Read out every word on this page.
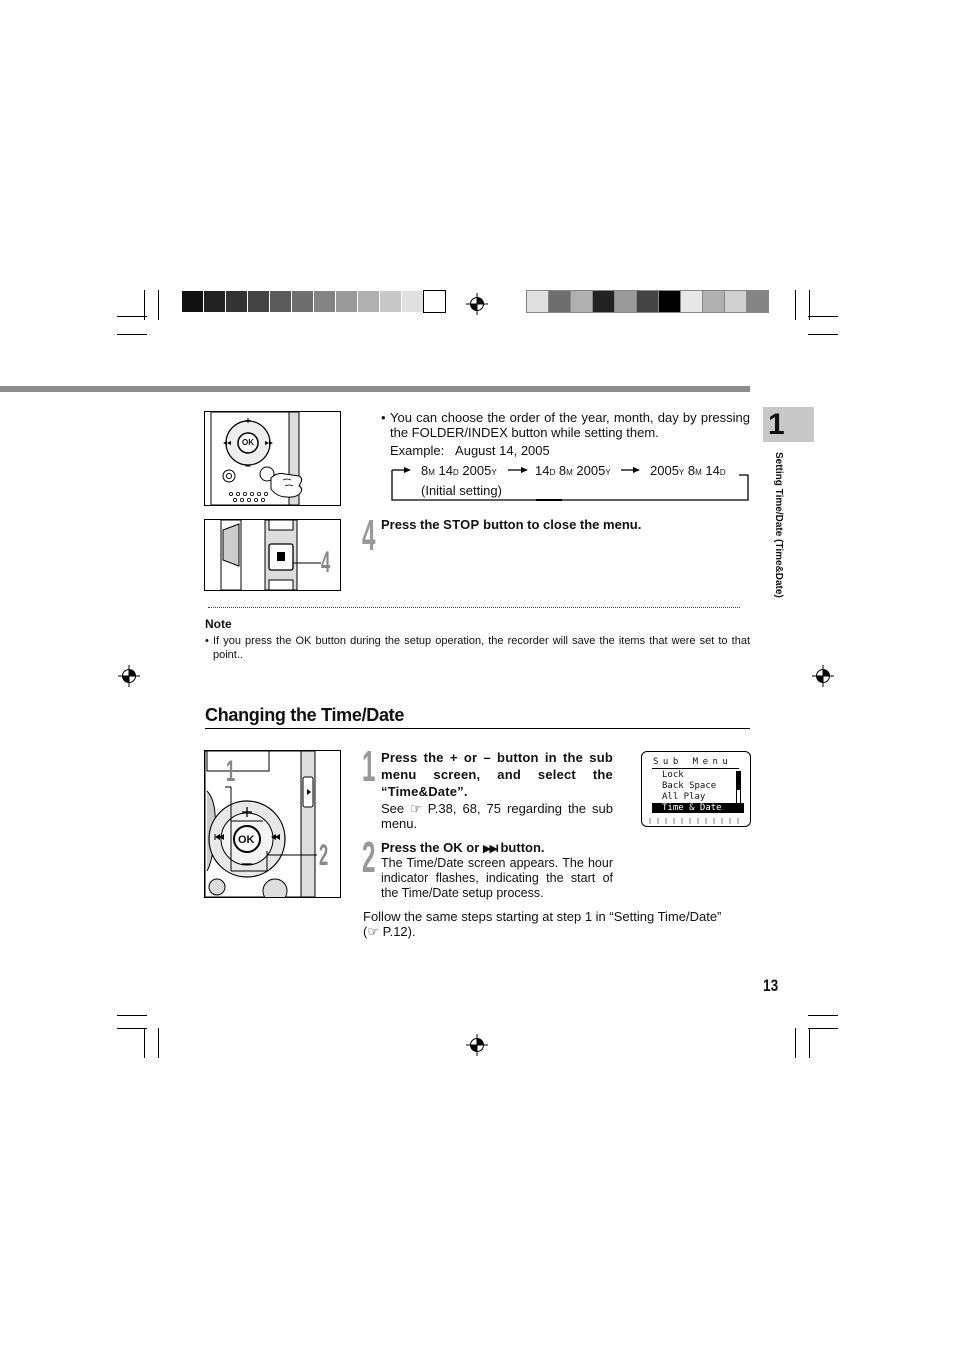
1
Setting Time/Date (Time&Date)
OK
4
• You can choose the order of the year, month, day by pressing the FOLDER/INDEX button while setting them.
Example: August 14, 2005
8M 14D 2005Y	14D 8M 2005Y	2005Y 8M 14D
(Initial setting)
4 Press the STOP button to close the menu.
Note
• If you press the OK button during the setup operation, the recorder will save the items that were set to that point..
Changing the Time/Date
OK
1
2
1 Press the + or – button in the sub menu screen, and select the “Time&Date”.
See ☞ P.38, 68, 75 regarding the sub menu.
2 Press the OK or ▶▶I button.
The Time/Date screen appears. The hour indicator flashes, indicating the start of the Time/Date setup process.
Sub Menu
Lock
Back Space
All Play
Time & Date
Follow the same steps starting at step 1 in “Setting Time/Date” (☞ P.12).
13
